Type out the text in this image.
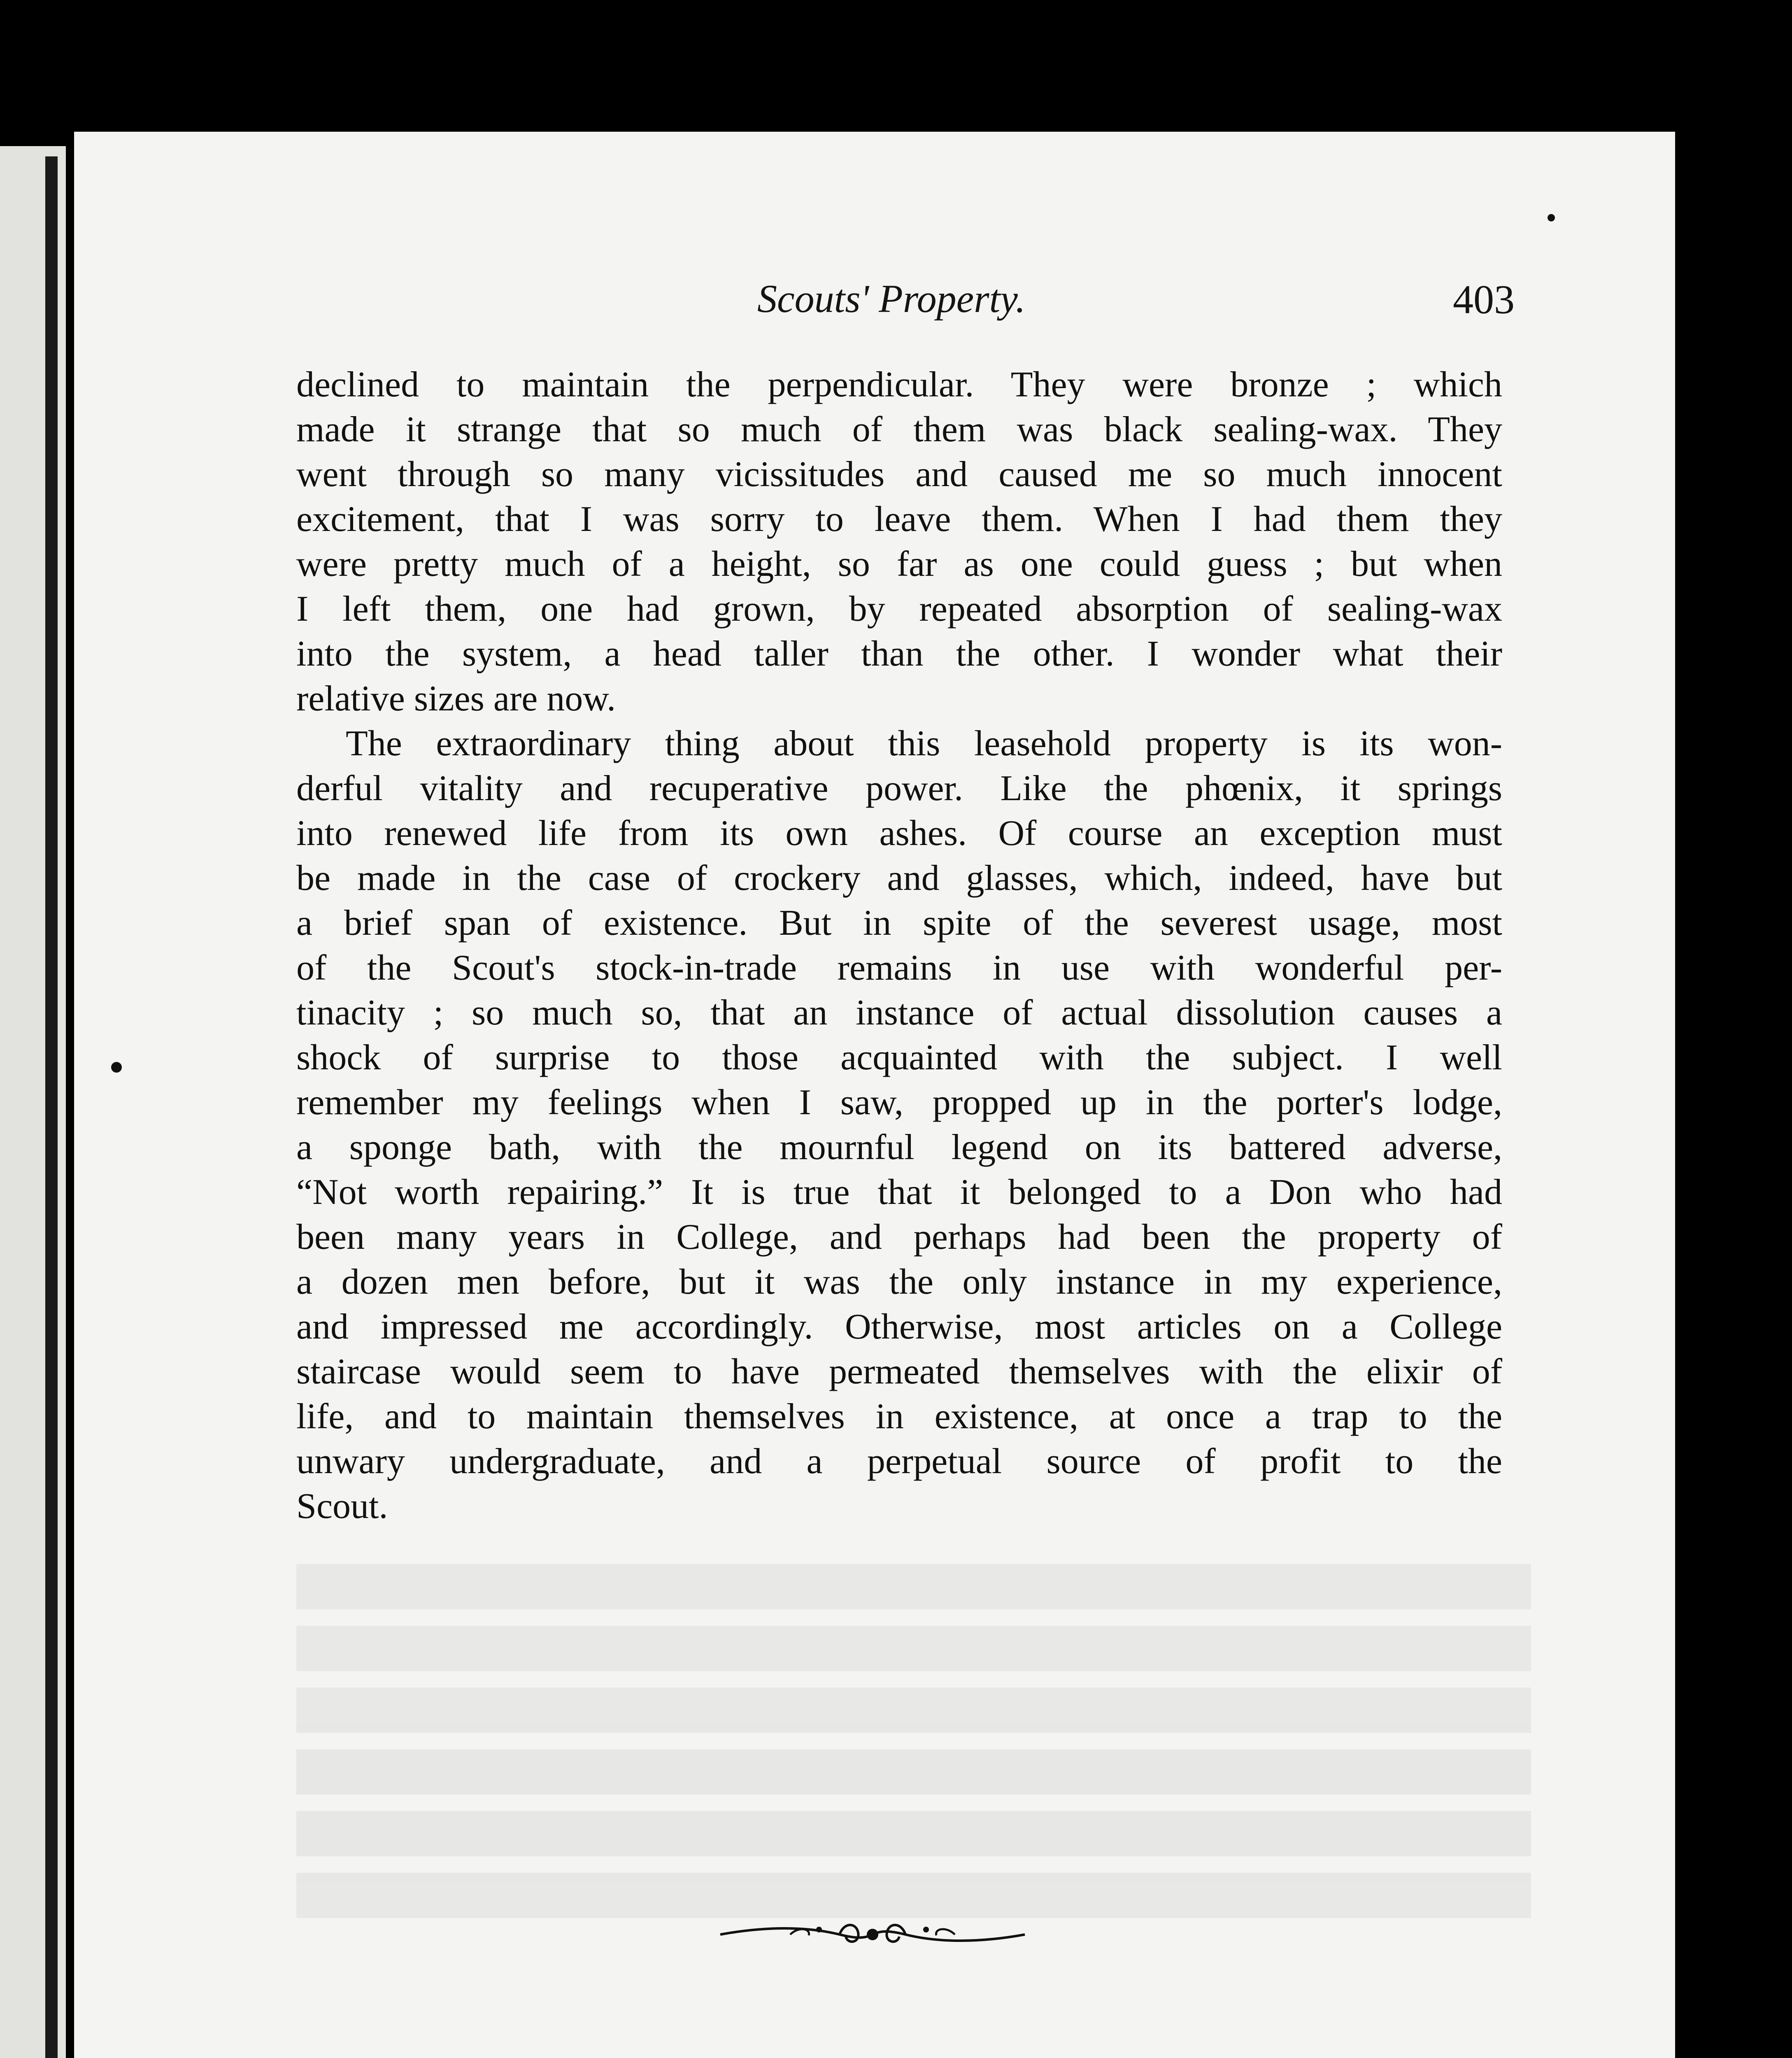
Scouts' Property.	403
declined to maintain the perpendicular. They were bronze ; which
made it strange that so much of them was black sealing-wax. They
went through so many vicissitudes and caused me so much innocent
excitement, that I was sorry to leave them. When I had them they
were pretty much of a height, so far as one could guess ; but when
I left them, one had grown, by repeated absorption of sealing-wax
into the system, a head taller than the other. I wonder what their
relative sizes are now.
The extraordinary thing about this leasehold property is its won-
derful vitality and recuperative power. Like the phœnix, it springs
into renewed life from its own ashes. Of course an exception must
be made in the case of crockery and glasses, which, indeed, have but
a brief span of existence. But in spite of the severest usage, most
of the Scout's stock-in-trade remains in use with wonderful per-
tinacity ; so much so, that an instance of actual dissolution causes a
shock of surprise to those acquainted with the subject. I well
remember my feelings when I saw, propped up in the porter's lodge,
a sponge bath, with the mournful legend on its battered adverse,
“Not worth repairing.” It is true that it belonged to a Don who had
been many years in College, and perhaps had been the property of
a dozen men before, but it was the only instance in my experience,
and impressed me accordingly. Otherwise, most articles on a College
staircase would seem to have permeated themselves with the elixir of
life, and to maintain themselves in existence, at once a trap to the
unwary undergraduate, and a perpetual source of profit to the
Scout.
